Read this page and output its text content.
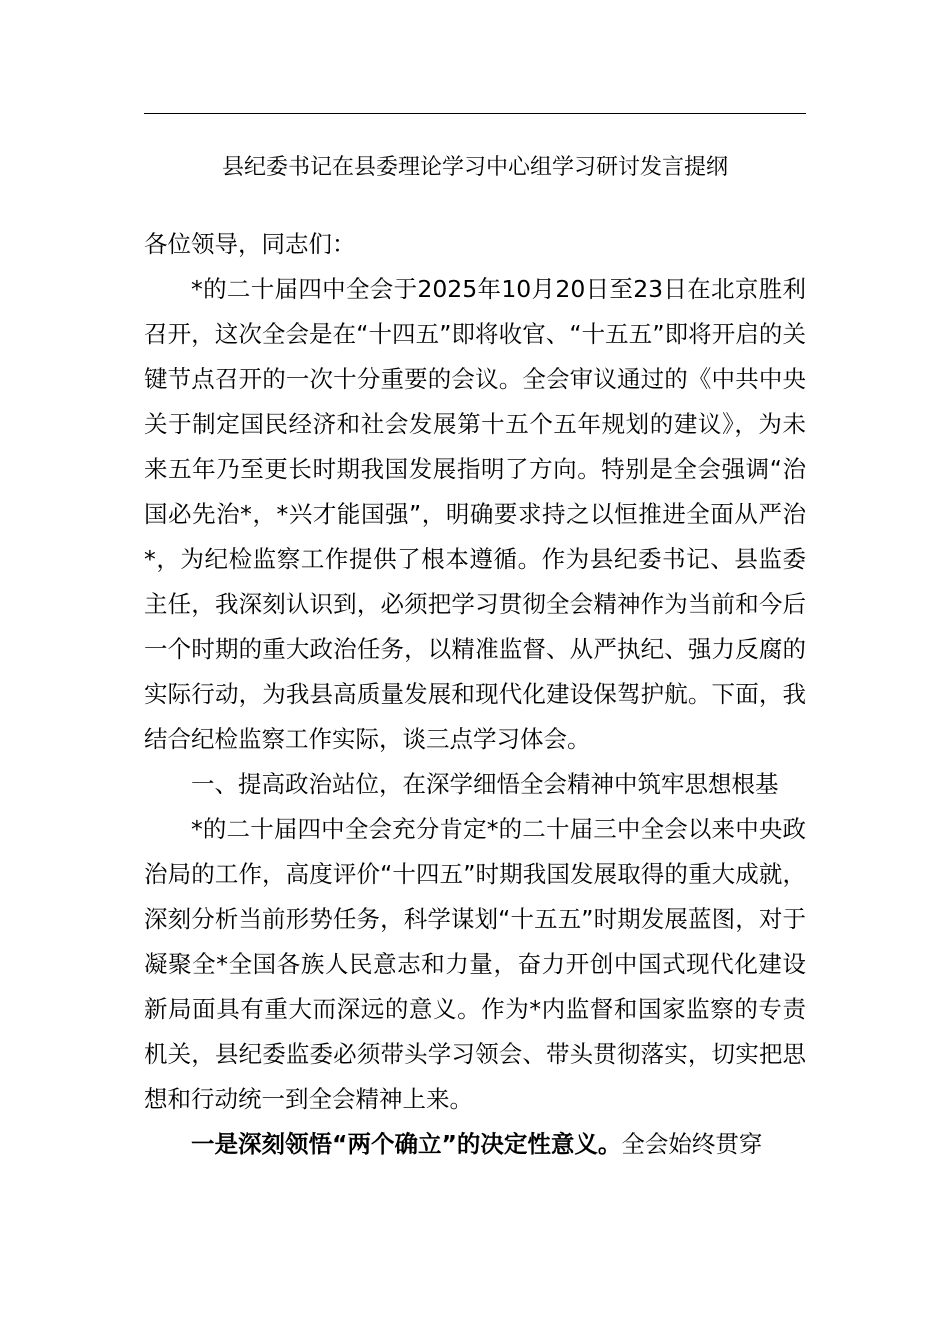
县纪委书记在县委理论学习中心组学习研讨发言提纲

各位领导，同志们：

*的二十届四中全会于2025年10月20日至23日在北京胜利召开，这次全会是在“十四五”即将收官、“十五五”即将开启的关键节点召开的一次十分重要的会议。全会审议通过的《中共中央关于制定国民经济和社会发展第十五个五年规划的建议》，为未来五年乃至更长时期我国发展指明了方向。特别是全会强调“治国必先治*，*兴才能国强”，明确要求持之以恒推进全面从严治*，为纪检监察工作提供了根本遵循。作为县纪委书记、县监委主任，我深刻认识到，必须把学习贯彻全会精神作为当前和今后一个时期的重大政治任务，以精准监督、从严执纪、强力反腐的实际行动，为我县高质量发展和现代化建设保驾护航。下面，我结合纪检监察工作实际，谈三点学习体会。

一、提高政治站位，在深学细悟全会精神中筑牢思想根基

*的二十届四中全会充分肯定*的二十届三中全会以来中央政治局的工作，高度评价“十四五”时期我国发展取得的重大成就，深刻分析当前形势任务，科学谋划“十五五”时期发展蓝图，对于凝聚全*全国各族人民意志和力量，奋力开创中国式现代化建设新局面具有重大而深远的意义。作为*内监督和国家监察的专责机关，县纪委监委必须带头学习领会、带头贯彻落实，切实把思想和行动统一到全会精神上来。

一是深刻领悟“两个确立”的决定性意义。全会始终贯穿
